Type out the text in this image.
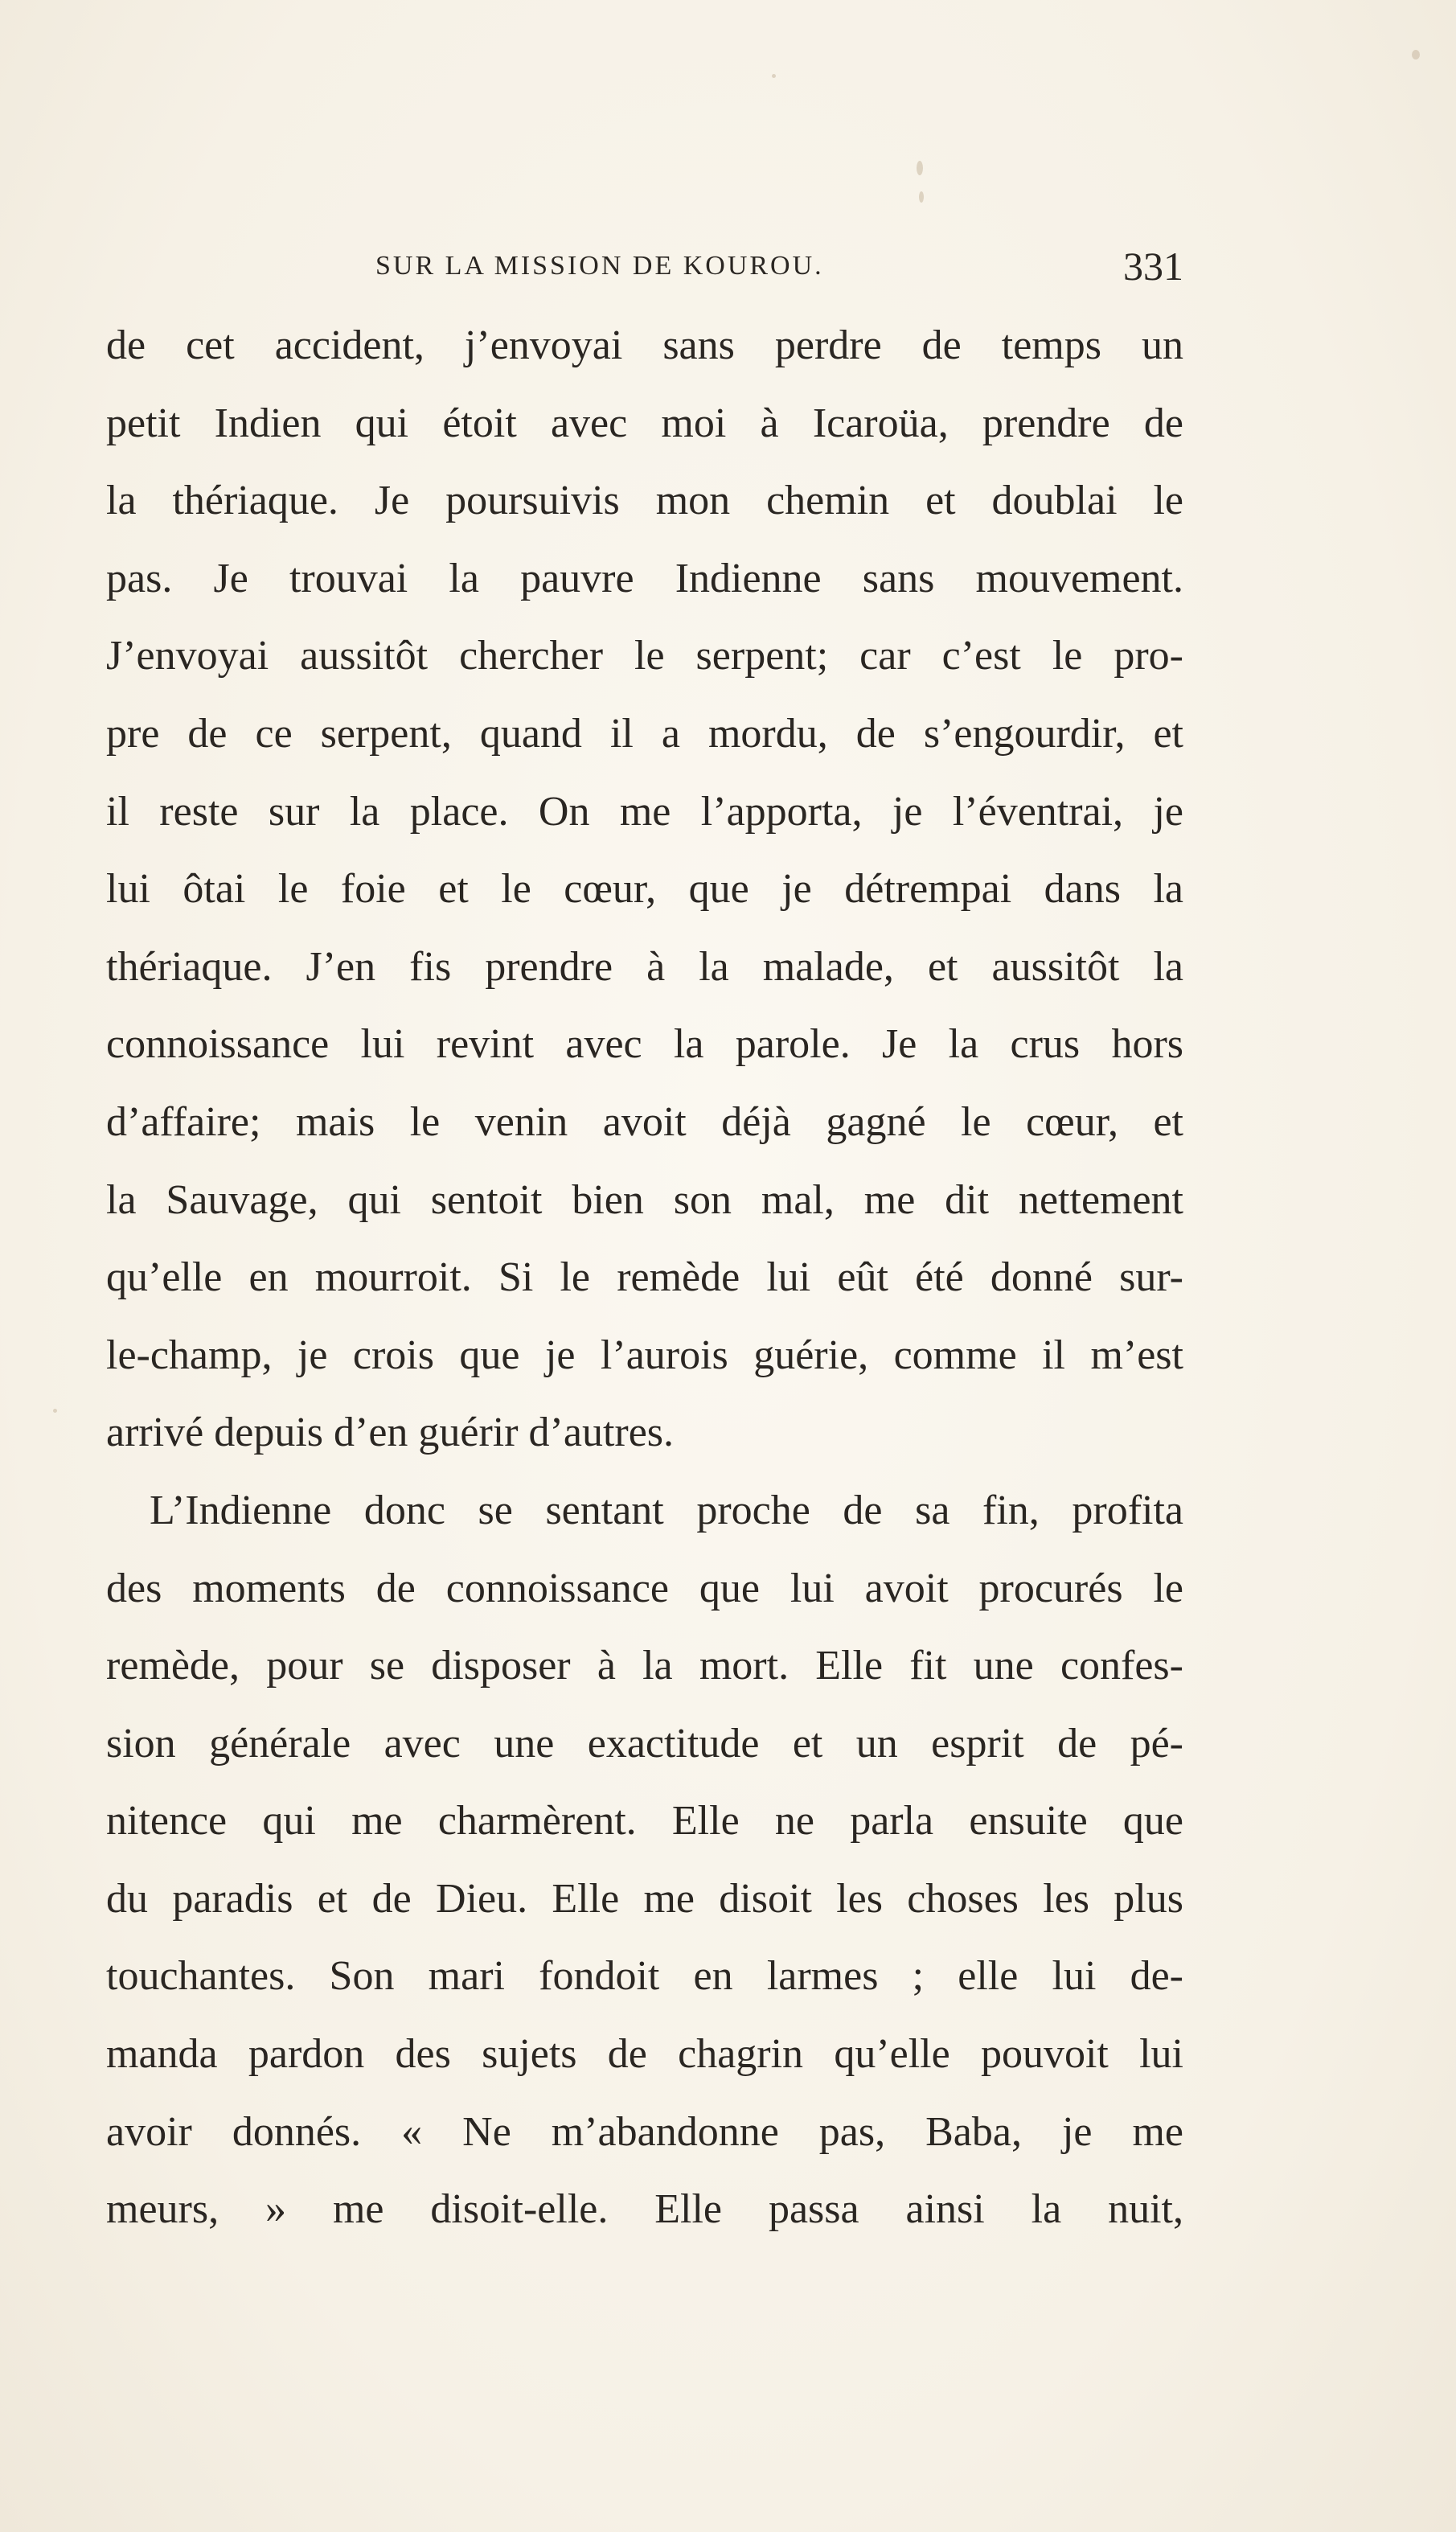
SUR LA MISSION DE KOUROU.	331
de cet accident, j’envoyai sans perdre de temps un
petit Indien qui étoit avec moi à Icaroüa, prendre de
la thériaque. Je poursuivis mon chemin et doublai le
pas. Je trouvai la pauvre Indienne sans mouvement.
J’envoyai aussitôt chercher le serpent; car c’est le pro-
pre de ce serpent, quand il a mordu, de s’engourdir, et
il reste sur la place. On me l’apporta, je l’éventrai, je
lui ôtai le foie et le cœur, que je détrempai dans la
thériaque. J’en fis prendre à la malade, et aussitôt la
connoissance lui revint avec la parole. Je la crus hors
d’affaire; mais le venin avoit déjà gagné le cœur, et
la Sauvage, qui sentoit bien son mal, me dit nettement
qu’elle en mourroit. Si le remède lui eût été donné sur-
le-champ, je crois que je l’aurois guérie, comme il m’est
arrivé depuis d’en guérir d’autres.
L’Indienne donc se sentant proche de sa fin, profita
des moments de connoissance que lui avoit procurés le
remède, pour se disposer à la mort. Elle fit une confes-
sion générale avec une exactitude et un esprit de pé-
nitence qui me charmèrent. Elle ne parla ensuite que
du paradis et de Dieu. Elle me disoit les choses les plus
touchantes. Son mari fondoit en larmes ; elle lui de-
manda pardon des sujets de chagrin qu’elle pouvoit lui
avoir donnés. « Ne m’abandonne pas, Baba, je me
meurs, » me disoit-elle. Elle passa ainsi la nuit,
